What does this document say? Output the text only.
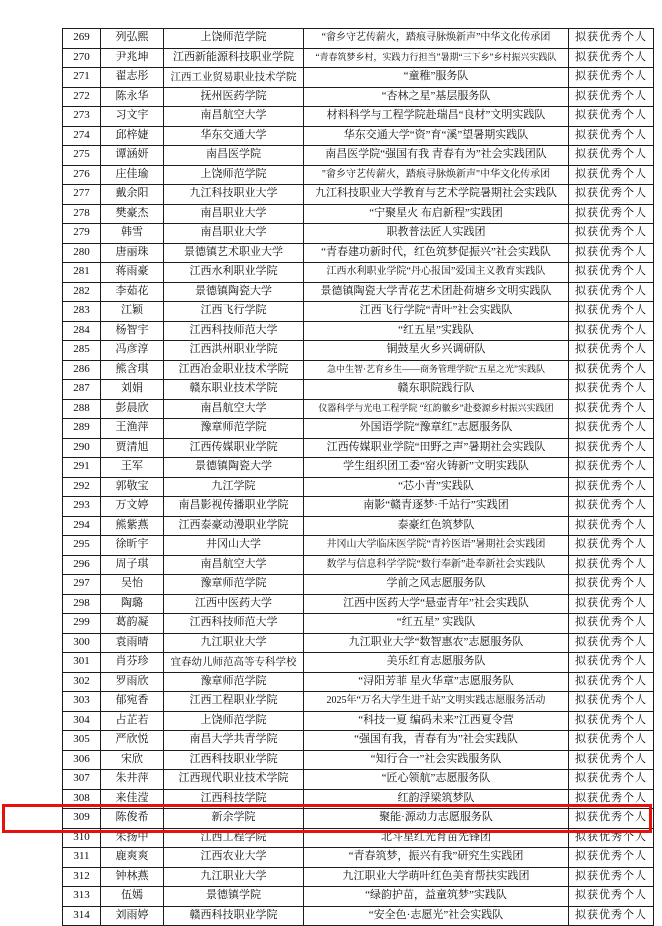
269	列弘熙	上饶师范学院	“畲乡守艺传薪火，踏痕寻脉焕新声”中华文化传承团	拟获优秀个人
270	尹兆坤	江西新能源科技职业学院	“青春筑梦乡村，实践力行担当”暑期“三下乡”乡村振兴实践队	拟获优秀个人
271	翟志彤	江西工业贸易职业技术学院	“童稚”服务队	拟获优秀个人
272	陈永华	抚州医药学院	“杏林之星”基层服务队	拟获优秀个人
273	习文宇	南昌航空大学	材料科学与工程学院赴瑞昌“良材”文明实践队	拟获优秀个人
274	邱梓婕	华东交通大学	华东交通大学“资”育“溪”望暑期实践队	拟获优秀个人
275	谭涵妍	南昌医学院	南昌医学院“强国有我 青春有为”社会实践团队	拟获优秀个人
276	庄佳瑜	上饶师范学院	"畲乡守艺传薪火，踏痕寻脉焕新声"中华文化传承团	拟获优秀个人
277	戴余阳	九江科技职业大学	九江科技职业大学教育与艺术学院暑期社会实践队	拟获优秀个人
278	樊豪杰	南昌职业大学	“宁聚星火 布启新程”实践团	拟获优秀个人
279	韩雪	南昌职业大学	职教普法匠人实践团	拟获优秀个人
280	唐丽珠	景德镇艺术职业大学	“青春建功新时代，红色筑梦促振兴”社会实践队	拟获优秀个人
281	蒋雨豪	江西水利职业学院	江西水利职业学院“丹心报国”爱国主义教育实践队	拟获优秀个人
282	李茹花	景德镇陶瓷大学	景德镇陶瓷大学青花艺术团赴荷塘乡文明实践队	拟获优秀个人
283	江颖	江西飞行学院	江西飞行学院“青叶”社会实践队	拟获优秀个人
284	杨智宇	江西科技师范大学	“红五星”实践队	拟获优秀个人
285	冯彦淳	江西洪州职业学院	铜鼓星火乡兴调研队	拟获优秀个人
286	熊含琪	江西冶金职业技术学院	急中生智·艺育乡生——商务管理学院“五星之光”实践队	拟获优秀个人
287	刘娟	赣东职业技术学院	赣东职院践行队	拟获优秀个人
288	彭晨欣	南昌航空大学	仪器科学与光电工程学院 “红韵徽乡”赴婺源乡村振兴实践团	拟获优秀个人
289	王渔萍	豫章师范学院	外国语学院“豫章红”志愿服务队	拟获优秀个人
290	贾清旭	江西传媒职业学院	江西传媒职业学院“田野之声”暑期社会实践队	拟获优秀个人
291	王军	景德镇陶瓷大学	学生组织团工委“窑火铸新”文明实践队	拟获优秀个人
292	郭敬宝	九江学院	“芯小青”实践队	拟获优秀个人
293	万文婷	南昌影视传播职业学院	南影“赣青逐梦·千站行”实践团	拟获优秀个人
294	熊紫燕	江西泰豪动漫职业学院	泰豪红色筑梦队	拟获优秀个人
295	徐昕宇	井冈山大学	井冈山大学临床医学院“青衿医语”暑期社会实践团	拟获优秀个人
296	周子琪	南昌航空大学	数学与信息科学学院“数行奉新”赴奉新社会实践队	拟获优秀个人
297	吴怡	豫章师范学院	学前之风志愿服务队	拟获优秀个人
298	陶璐	江西中医药大学	江西中医药大学“悬壶青年”社会实践队	拟获优秀个人
299	葛韵凝	江西科技师范大学	“红五星” 实践队	拟获优秀个人
300	袁雨晴	九江职业大学	九江职业大学“数智惠农”志愿服务队	拟获优秀个人
301	肖芬珍	宜春幼儿师范高等专科学校	美乐红育志愿服务队	拟获优秀个人
302	罗雨欣	豫章师范学院	“浔阳芳菲 星火华章”志愿服务队	拟获优秀个人
303	郁宛香	江西工程职业学院	2025年“万名大学生进千站”文明实践志愿服务活动	拟获优秀个人
304	占芷若	上饶师范学院	“科技一夏 编码未来”江西夏令营	拟获优秀个人
305	严欣悦	南昌大学共青学院	“强国有我，青春有为”社会实践队	拟获优秀个人
306	宋欣	江西科技职业学院	“知行合一”社会实践服务队	拟获优秀个人
307	朱井萍	江西现代职业技术学院	“匠心领航”志愿服务队	拟获优秀个人
308	来佳滢	江西科技学院	红韵浮梁筑梦队	拟获优秀个人
309	陈俊希	新余学院	聚能·源动力志愿服务队	拟获优秀个人
310	朱扬中	江西工程学院	北斗星红光育苗先锋团	拟获优秀个人
311	鹿爽爽	江西农业大学	“青春筑梦，振兴有我”研究生实践团	拟获优秀个人
312	钟林燕	九江职业大学	九江职业大学萌叶红色美育帮扶实践团	拟获优秀个人
313	伍嫣	景德镇学院	“绿韵护苗，益童筑梦”实践队	拟获优秀个人
314	刘雨婷	赣西科技职业学院	“安全色·志愿光”社会实践队	拟获优秀个人
